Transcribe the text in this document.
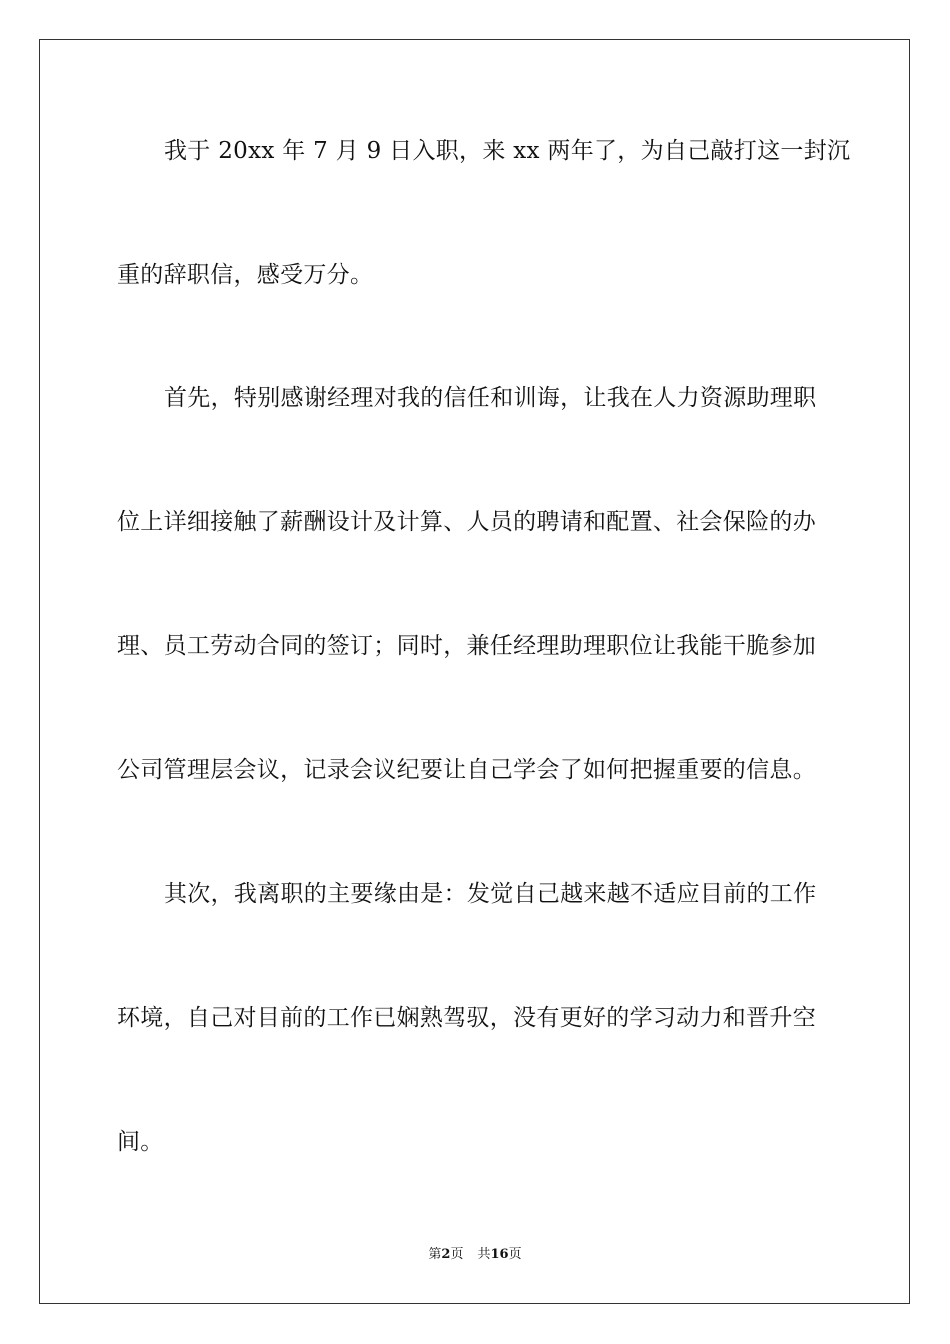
我于 20xx 年 7 月 9 日入职，来 xx 两年了，为自己敲打这一封沉
重的辞职信，感受万分。
首先，特别感谢经理对我的信任和训诲，让我在人力资源助理职
位上详细接触了薪酬设计及计算、人员的聘请和配置、社会保险的办
理、员工劳动合同的签订；同时，兼任经理助理职位让我能干脆参加
公司管理层会议，记录会议纪要让自己学会了如何把握重要的信息。
其次，我离职的主要缘由是：发觉自己越来越不适应目前的工作
环境，自己对目前的工作已娴熟驾驭，没有更好的学习动力和晋升空
间。
第2页 共16页
